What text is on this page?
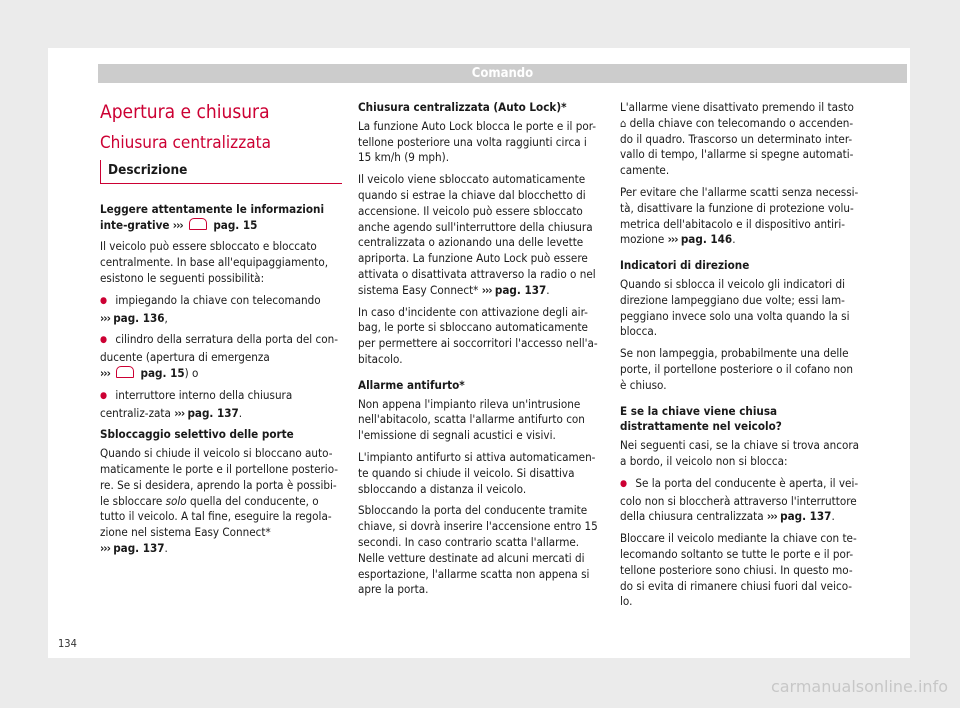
Comando
Apertura e chiusura
Chiusura centralizzata
Descrizione

Leggere attentamente le informazioni inte-grative ›››	pag. 15

Il veicolo può essere sbloccato e bloccato centralmente. In base all'equipaggiamento, esistono le seguenti possibilità:

● impiegando la chiave con telecomando
››› pag. 136,

● cilindro della serratura della porta del con-ducente (apertura di emergenza
›››	pag. 15) o

● interruttore interno della chiusura centraliz-zata ››› pag. 137.

Sbloccaggio selettivo delle porte

Quando si chiude il veicolo si bloccano auto-maticamente le porte e il portellone posterio-re. Se si desidera, aprendo la porta è possibi-le sbloccare solo quella del conducente, o tutto il veicolo. A tal fine, eseguire la regola-zione nel sistema Easy Connect*
››› pag. 137.

Chiusura centralizzata (Auto Lock)*

La funzione Auto Lock blocca le porte e il por-tellone posteriore una volta raggiunti circa i 15 km/h (9 mph).

Il veicolo viene sbloccato automaticamente quando si estrae la chiave dal blocchetto di accensione. Il veicolo può essere sbloccato anche agendo sull'interruttore della chiusura centralizzata o azionando una delle levette apriporta. La funzione Auto Lock può essere attivata o disattivata attraverso la radio o nel sistema Easy Connect* ››› pag. 137.

In caso d'incidente con attivazione degli air-bag, le porte si sbloccano automaticamente per permettere ai soccorritori l'accesso nell'a-bitacolo.

Allarme antifurto*

Non appena l'impianto rileva un'intrusione nell'abitacolo, scatta l'allarme antifurto con l'emissione di segnali acustici e visivi.

L'impianto antifurto si attiva automaticamen-te quando si chiude il veicolo. Si disattiva sbloccando a distanza il veicolo.

Sbloccando la porta del conducente tramite chiave, si dovrà inserire l'accensione entro 15 secondi. In caso contrario scatta l'allarme. Nelle vetture destinate ad alcuni mercati di esportazione, l'allarme scatta non appena si apre la porta.

L'allarme viene disattivato premendo il tasto
⌂ della chiave con telecomando o accenden-do il quadro. Trascorso un determinato inter-vallo di tempo, l'allarme si spegne automati-camente.

Per evitare che l'allarme scatti senza necessi-tà, disattivare la funzione di protezione volu-metrica dell'abitacolo e il dispositivo antiri-mozione ››› pag. 146.

Indicatori di direzione

Quando si sblocca il veicolo gli indicatori di direzione lampeggiano due volte; essi lam-peggiano invece solo una volta quando la si blocca.

Se non lampeggia, probabilmente una delle porte, il portellone posteriore o il cofano non è chiuso.

E se la chiave viene chiusa distrattamente nel veicolo?

Nei seguenti casi, se la chiave si trova ancora a bordo, il veicolo non si blocca:

● Se la porta del conducente è aperta, il vei-colo non si bloccherà attraverso l'interruttore della chiusura centralizzata ››› pag. 137.

Bloccare il veicolo mediante la chiave con te-lecomando soltanto se tutte le porte e il por-tellone posteriore sono chiusi. In questo mo-do si evita di rimanere chiusi fuori dal veico-lo.

134
carmanualsonline.info
